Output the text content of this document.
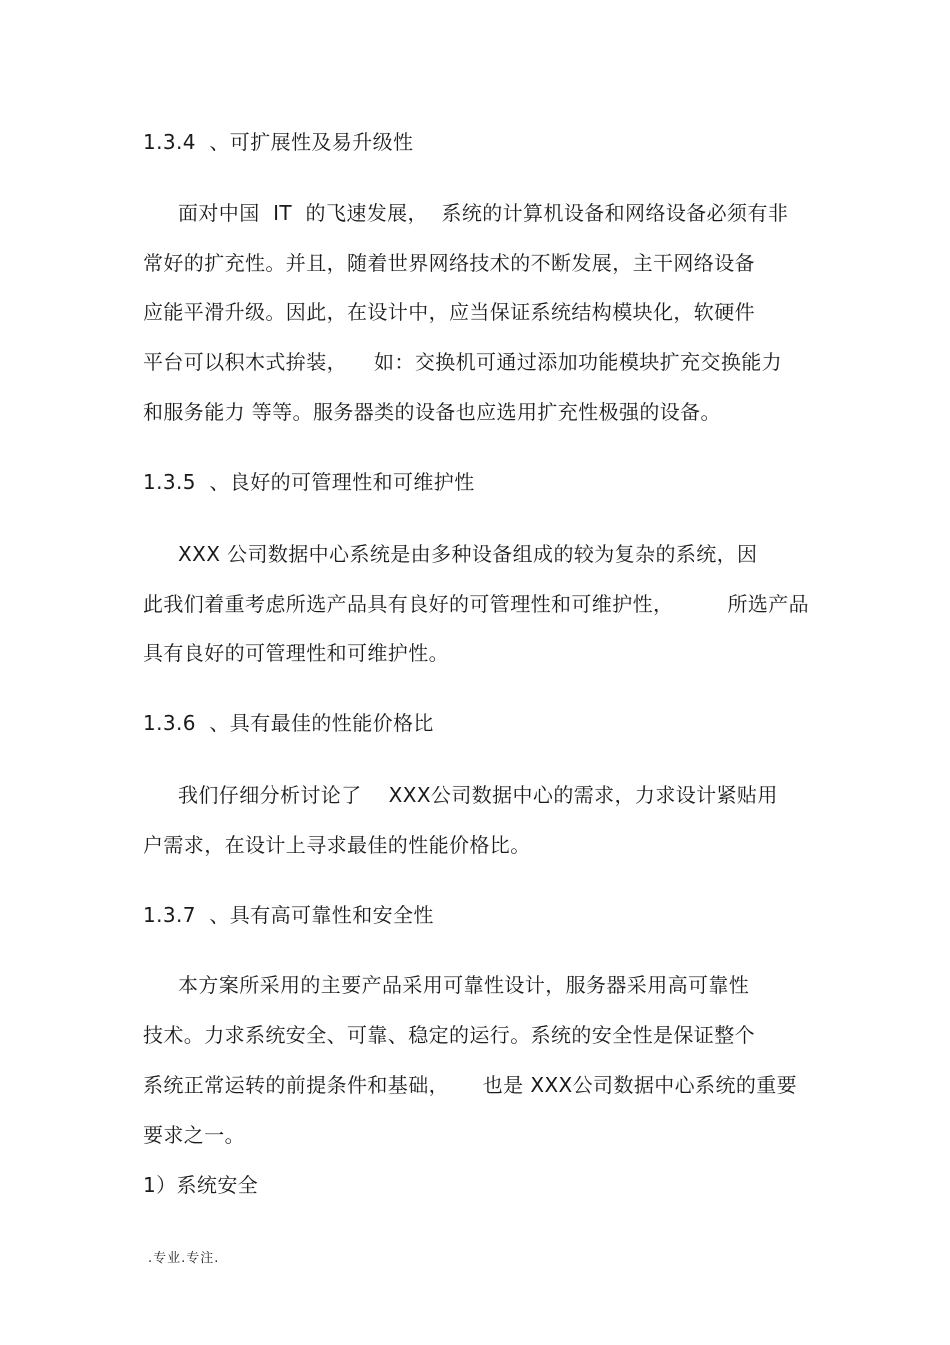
1.3.4  、可扩展性及易升级性
面对中国  IT  的飞速发展，  系统的计算机设备和网络设备必须有非
常好的扩充性。并且，随着世界网络技术的不断发展，主干网络设备
应能平滑升级。因此，在设计中，应当保证系统结构模块化，软硬件
平台可以积木式拚装，    如：交换机可通过添加功能模块扩充交换能力
和服务能力 等等。服务器类的设备也应选用扩充性极强的设备。
1.3.5  、良好的可管理性和可维护性
XXX 公司数据中心系统是由多种设备组成的较为复杂的系统，因
此我们着重考虑所选产品具有良好的可管理性和可维护性，        所选产品
具有良好的可管理性和可维护性。
1.3.6  、具有最佳的性能价格比
我们仔细分析讨论了    XXX公司数据中心的需求，力求设计紧贴用
户需求，在设计上寻求最佳的性能价格比。
1.3.7  、具有高可靠性和安全性
本方案所采用的主要产品采用可靠性设计，服务器采用高可靠性
技术。力求系统安全、可靠、稳定的运行。系统的安全性是保证整个
系统正常运转的前提条件和基础，     也是 XXX公司数据中心系统的重要
要求之一。
1）系统安全
.专业.专注.
